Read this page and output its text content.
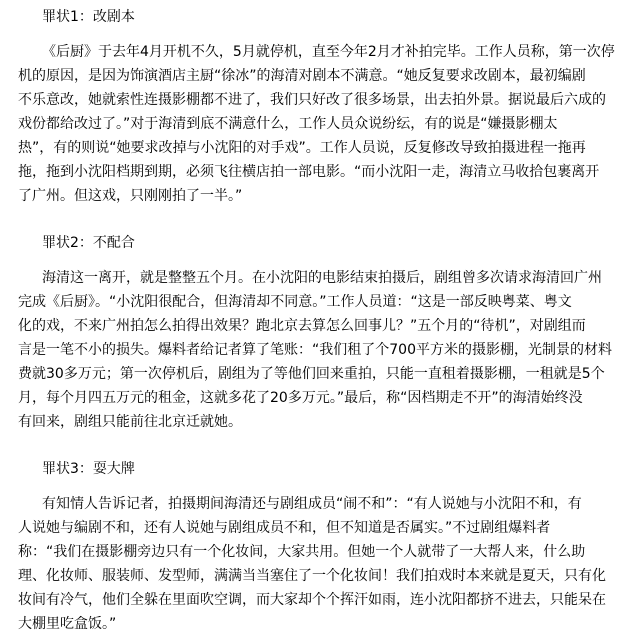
罪状1：改剧本
《后厨》于去年4月开机不久，5月就停机，直至今年2月才补拍完毕。工作人员称，第一次停
机的原因，是因为饰演酒店主厨“徐冰”的海清对剧本不满意。“她反复要求改剧本，最初编剧
不乐意改，她就索性连摄影棚都不进了，我们只好改了很多场景，出去拍外景。据说最后六成的
戏份都给改过了。”对于海清到底不满意什么，工作人员众说纷纭，有的说是“嫌摄影棚太
热”，有的则说“她要求改掉与小沈阳的对手戏”。工作人员说，反复修改导致拍摄进程一拖再
拖，拖到小沈阳档期到期，必须飞往横店拍一部电影。“而小沈阳一走，海清立马收拾包裹离开
了广州。但这戏，只刚刚拍了一半。”
罪状2：不配合
海清这一离开，就是整整五个月。在小沈阳的电影结束拍摄后，剧组曾多次请求海清回广州
完成《后厨》。“小沈阳很配合，但海清却不同意。”工作人员道：“这是一部反映粤菜、粤文
化的戏，不来广州拍怎么拍得出效果？跑北京去算怎么回事儿？”五个月的“待机”，对剧组而
言是一笔不小的损失。爆料者给记者算了笔账：“我们租了个700平方米的摄影棚，光制景的材料
费就30多万元；第一次停机后，剧组为了等他们回来重拍，只能一直租着摄影棚，一租就是5个
月，每个月四五万元的租金，这就多花了20多万元。”最后，称“因档期走不开”的海清始终没
有回来，剧组只能前往北京迁就她。
罪状3：耍大牌
有知情人告诉记者，拍摄期间海清还与剧组成员“闹不和”：“有人说她与小沈阳不和，有
人说她与编剧不和，还有人说她与剧组成员不和，但不知道是否属实。”不过剧组爆料者
称：“我们在摄影棚旁边只有一个化妆间，大家共用。但她一个人就带了一大帮人来，什么助
理、化妆师、服装师、发型师，满满当当塞住了一个化妆间！我们拍戏时本来就是夏天，只有化
妆间有冷气，他们全躲在里面吹空调，而大家却个个挥汗如雨，连小沈阳都挤不进去，只能呆在
大棚里吃盒饭。”
